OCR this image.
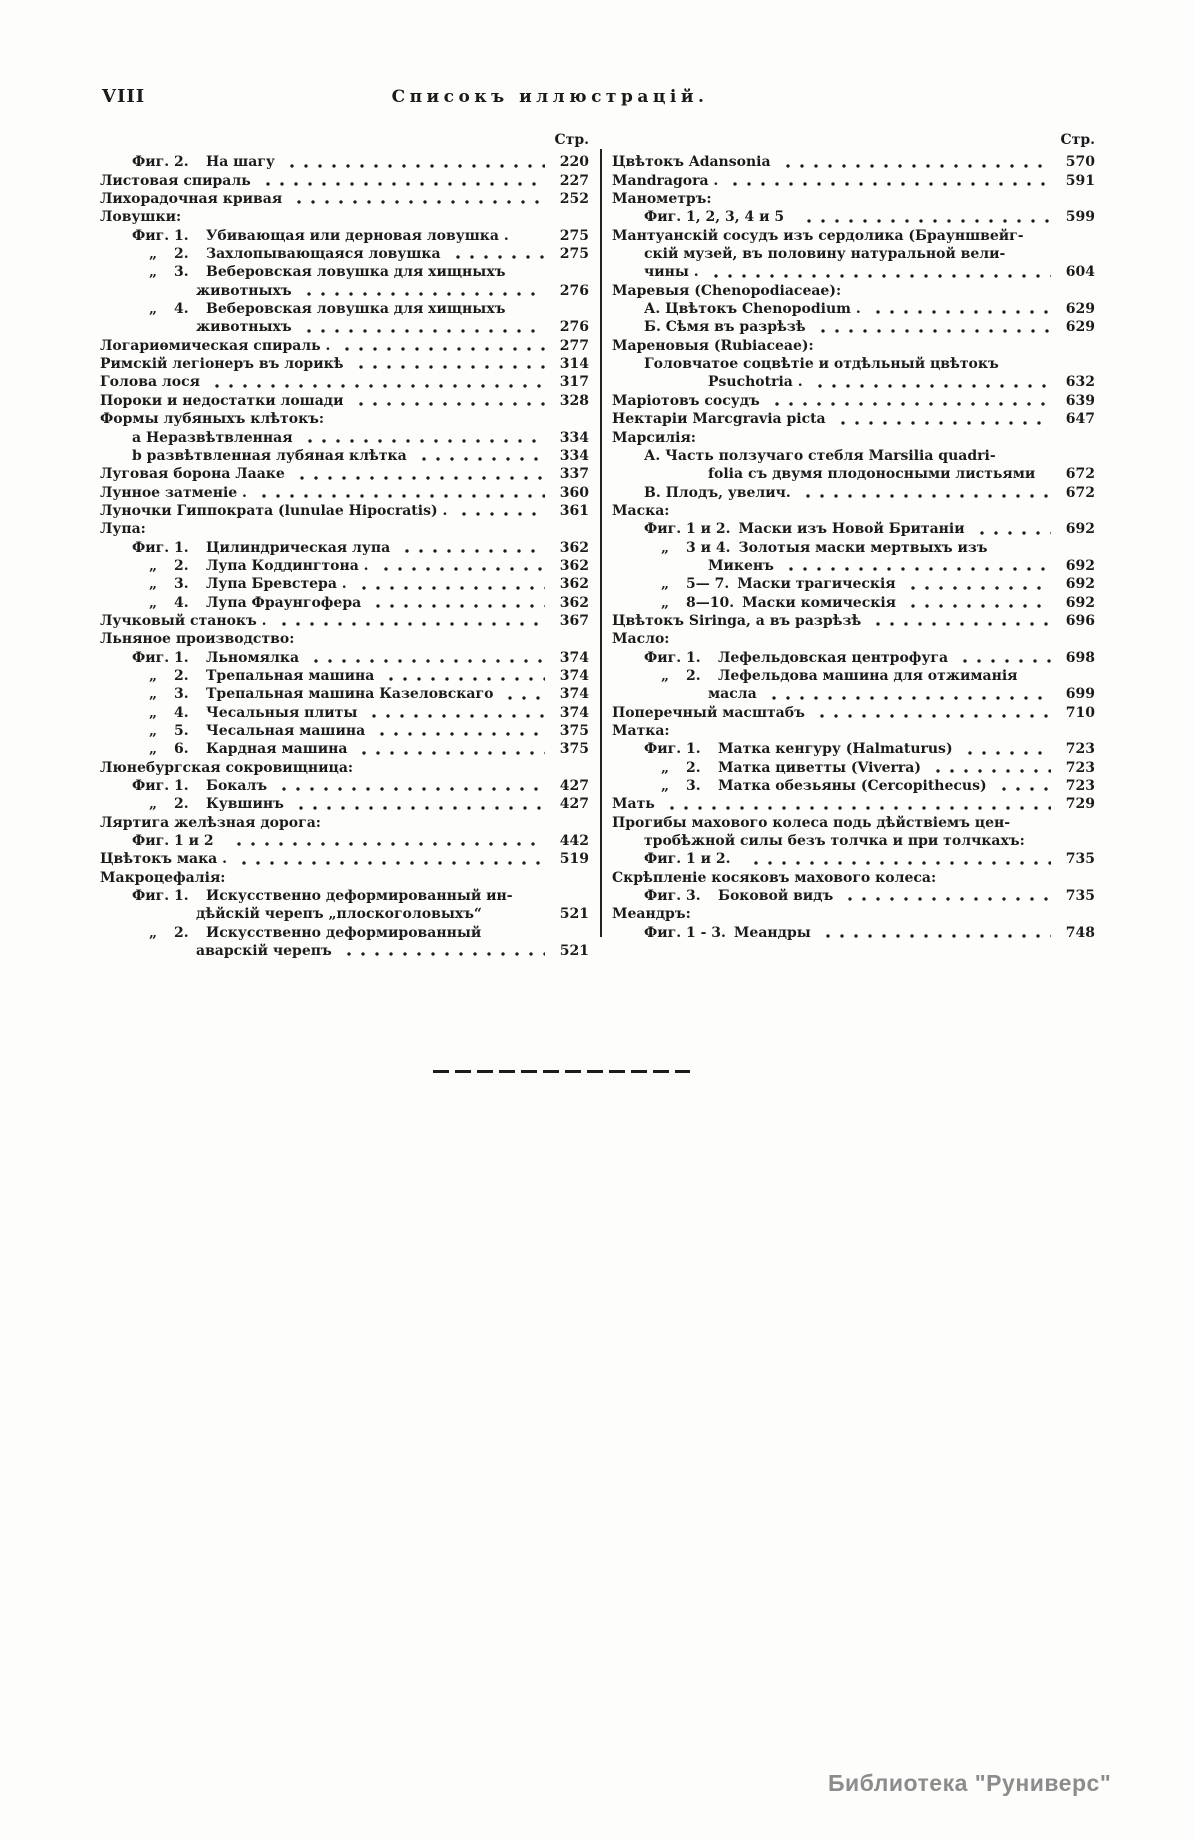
VIII	Списокъ иллюстрацій.
Стр.
Фиг. 2.	На шагу	220
Листовая спираль	227
Лихорадочная кривая	252
Ловушки:
Фиг. 1.	Убивающая или дерновая ловушка .	275
„	2.	Захлопывающаяся ловушка	275
„	3.	Веберовская ловушка для хищныхъ
животныхъ	276
„	4.	Веберовская ловушка для хищныхъ
животныхъ	276
Логариѳмическая спираль .	277
Римскій легіонеръ въ лорикѣ	314
Голова лося	317
Пороки и недостатки лошади	328
Формы лубяныхъ клѣтокъ:
a Неразвѣтвленная	334
b развѣтвленная лубяная клѣтка	334
Луговая борона Лааке	337
Лунное затменіе .	360
Луночки Гиппократа (lunulae Hipocratis) .	361
Лупа:
Фиг. 1.	Цилиндрическая лупа	362
„	2.	Лупа Коддингтона .	362
„	3.	Лупа Бревстера .	362
„	4.	Лупа Фраунгофера	362
Лучковый станокъ .	367
Льняное производство:
Фиг. 1.	Льномялка	374
„	2.	Трепальная машина	374
„	3.	Трепальная машина Казеловскаго	374
„	4.	Чесальныя плиты	374
„	5.	Чесальная машина	375
„	6.	Кардная машина	375
Люнебургская сокровищница:
Фиг. 1.	Бокалъ	427
„	2.	Кувшинъ	427
Ляртига желѣзная дорога:
Фиг. 1 и 2	442
Цвѣтокъ мака .	519
Макроцефалія:
Фиг. 1.	Искусственно деформированный ин-
дѣйскій черепъ „плоскоголовыхъ“	521
„	2.	Искусственно деформированный
аварскій черепъ	521
Стр.
Цвѣтокъ Adansonia	570
Mandragora .	591
Манометръ:
Фиг. 1, 2, 3, 4 и 5	599
Мантуанскій сосудъ изъ сердолика (Брауншвейг-
скій музей, въ половину натуральной вели-
чины .	604
Маревыя (Chenopodiaceae):
А. Цвѣтокъ Chenopodium .	629
Б. Сѣмя въ разрѣзѣ	629
Мареновыя (Rubiaceae):
Головчатое соцвѣтіе и отдѣльный цвѣтокъ
Psuchotria .	632
Маріотовъ сосудъ	639
Нектаріи Marcgravia picta	647
Марсилія:
А. Часть ползучаго стебля Marsilia quadri-
folia съ двумя плодоносными листьями	672
В. Плодъ, увелич.	672
Маска:
Фиг. 1 и 2. Маски изъ Новой Британіи	692
„	3 и 4. Золотыя маски мертвыхъ изъ
Микенъ	692
„	5— 7. Маски трагическія	692
„	8—10. Маски комическія	692
Цвѣтокъ Siringa, a въ разрѣзѣ	696
Масло:
Фиг. 1.	Лефельдовская центрофуга	698
„	2.	Лефельдова машина для отжиманія
масла	699
Поперечный масштабъ	710
Матка:
Фиг. 1.	Матка кенгуру (Halmaturus)	723
„	2.	Матка циветты (Viverra)	723
„	3.	Матка обезьяны (Cercopithecus)	723
Мать	729
Прогибы махового колеса подь дѣйствіемъ цен-
тробѣжной силы безъ толчка и при толчкахъ:
Фиг. 1 и 2.	735
Скрѣпленіе косяковъ махового колеса:
Фиг. 3.	Боковой видъ	735
Меандръ:
Фиг. 1 - 3. Меандры	748
Библиотека "Руниверс"
